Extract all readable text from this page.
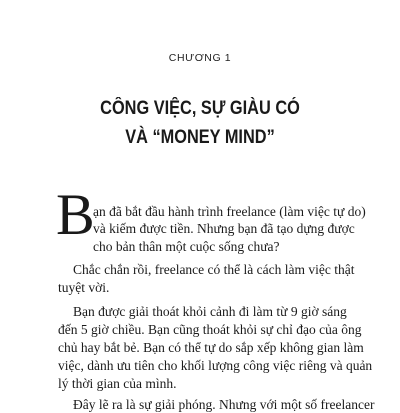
CHƯƠNG 1
CÔNG VIỆC, SỰ GIÀU CÓ
VÀ “MONEY MIND”
B
ạn đã bắt đầu hành trình freelance (làm việc tự do)
và kiếm được tiền. Nhưng bạn đã tạo dựng được
cho bản thân một cuộc sống chưa?
Chắc chắn rồi, freelance có thể là cách làm việc thật
tuyệt vời.
Bạn được giải thoát khỏi cảnh đi làm từ 9 giờ sáng
đến 5 giờ chiều. Bạn cũng thoát khỏi sự chỉ đạo của ông
chủ hay bắt bẻ. Bạn có thể tự do sắp xếp không gian làm
việc, dành ưu tiên cho khối lượng công việc riêng và quản
lý thời gian của mình.
Đây lẽ ra là sự giải phóng. Nhưng với một số freelancer
